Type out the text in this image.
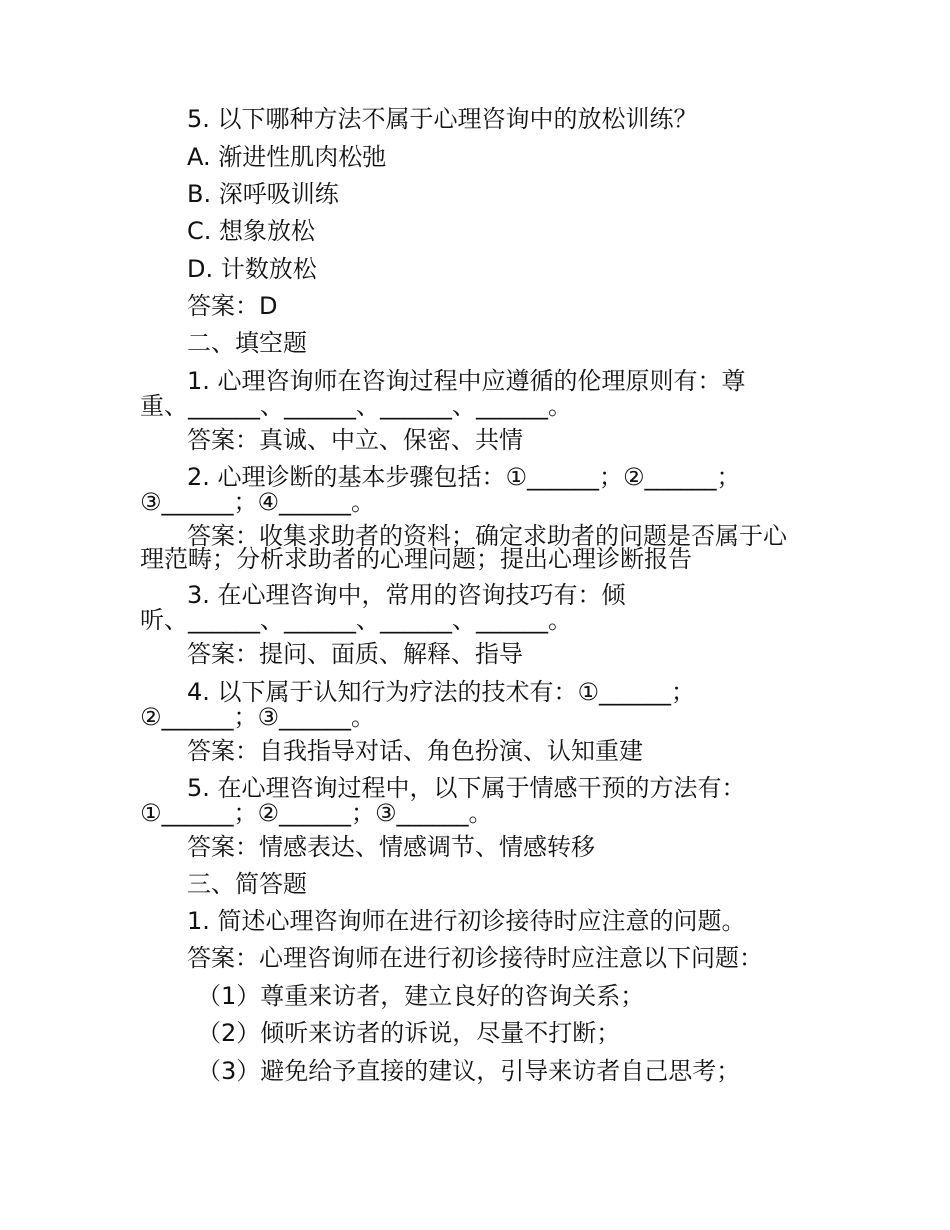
5. 以下哪种方法不属于心理咨询中的放松训练？
A. 渐进性肌肉松弛
B. 深呼吸训练
C. 想象放松
D. 计数放松
答案：D
二、填空题
1. 心理咨询师在咨询过程中应遵循的伦理原则有：尊
重、______、______、______、______。
答案：真诚、中立、保密、共情
2. 心理诊断的基本步骤包括：①______；②______；
③______；④______。
答案：收集求助者的资料；确定求助者的问题是否属于心
理范畴；分析求助者的心理问题；提出心理诊断报告
3. 在心理咨询中，常用的咨询技巧有：倾
听、______、______、______、______。
答案：提问、面质、解释、指导
4. 以下属于认知行为疗法的技术有：①______；
②______；③______。
答案：自我指导对话、角色扮演、认知重建
5. 在心理咨询过程中，以下属于情感干预的方法有：
①______；②______；③______。
答案：情感表达、情感调节、情感转移
三、简答题
1. 简述心理咨询师在进行初诊接待时应注意的问题。
答案：心理咨询师在进行初诊接待时应注意以下问题：
（1）尊重来访者，建立良好的咨询关系；
（2）倾听来访者的诉说，尽量不打断；
（3）避免给予直接的建议，引导来访者自己思考；
